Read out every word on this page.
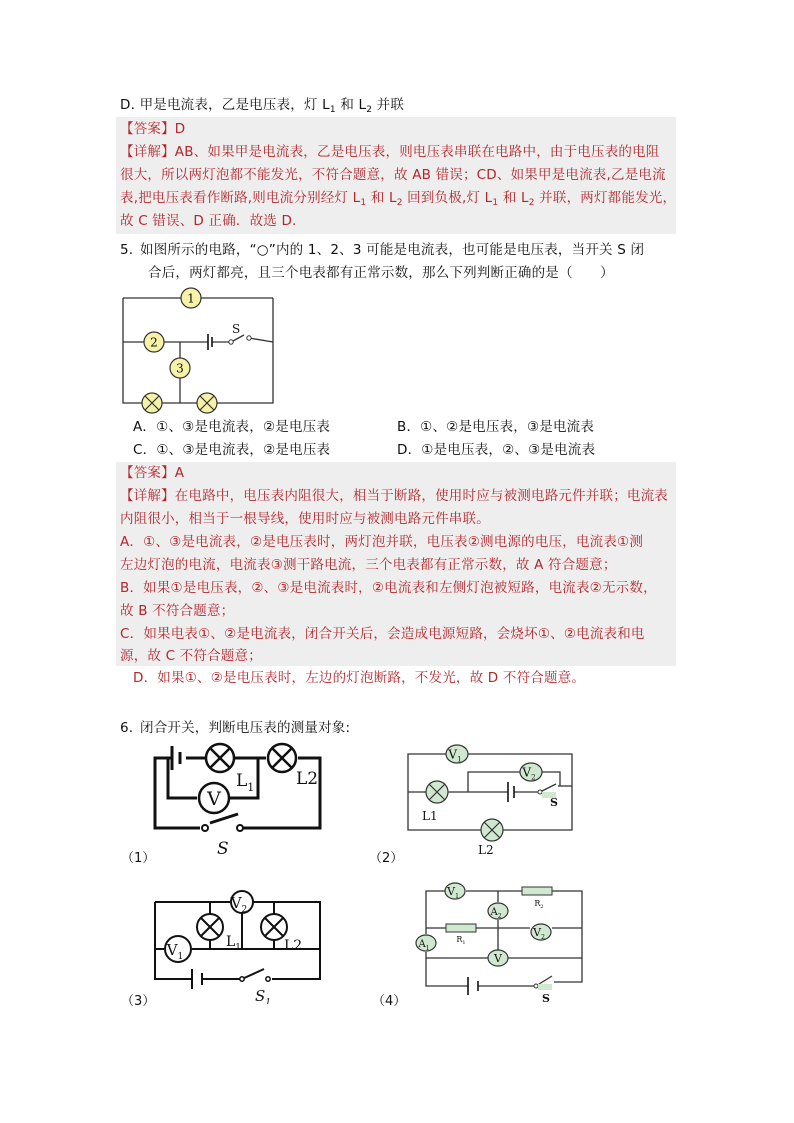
D. 甲是电流表，乙是电压表，灯 $L_1$ 和 $L_2$ 并联
【答案】D
【详解】AB、如果甲是电流表，乙是电压表，则电压表串联在电路中，由于电压表的电阻
很大，所以两灯泡都不能发光，不符合题意，故 AB 错误；CD、如果甲是电流表,乙是电流
表,把电压表看作断路,则电流分别经灯 $L_1$ 和 $L_2$ 回到负极,灯 $L_1$ 和 $L_2$ 并联，两灯都能发光，
故 C 错误、D 正确．故选 D．
5. 如图所示的电路，“○”内的 1、2、3 可能是电流表，也可能是电压表，当开关 S 闭
合后，两灯都亮，且三个电表都有正常示数，那么下列判断正确的是（　　）
S
1
2
3
A．①、③是电流表，②是电压表	B．①、②是电压表，③是电流表
C．①、③是电流表，②是电压表	D．①是电压表，②、③是电流表
【答案】A
【详解】在电路中，电压表内阻很大，相当于断路，使用时应与被测电路元件并联；电流表
内阻很小，相当于一根导线，使用时应与被测电路元件串联。
A．①、③是电流表，②是电压表时，两灯泡并联，电压表②测电源的电压，电流表①测
左边灯泡的电流，电流表③测干路电流，三个电表都有正常示数，故 A 符合题意；
B．如果①是电压表，②、③是电流表时，②电流表和左侧灯泡被短路，电流表②无示数，
故 B 不符合题意；
C．如果电表①、②是电流表，闭合开关后，会造成电源短路，会烧坏①、②电流表和电
源，故 C 不符合题意；
D．如果①、②是电压表时，左边的灯泡断路，不发光，故 D 不符合题意。
6. 闭合开关，判断电压表的测量对象:
V
$L_1$ L2
S
（1）
$V_1$
$V_2$
L1
L2
S
（2）
$V_2$
$V_1$
$L_1$	L2
$S_1$
（3）
$R_2$
$R_1$
$V_1$
$A_2$
$V_2$
$A_1$
V
S
（4）
